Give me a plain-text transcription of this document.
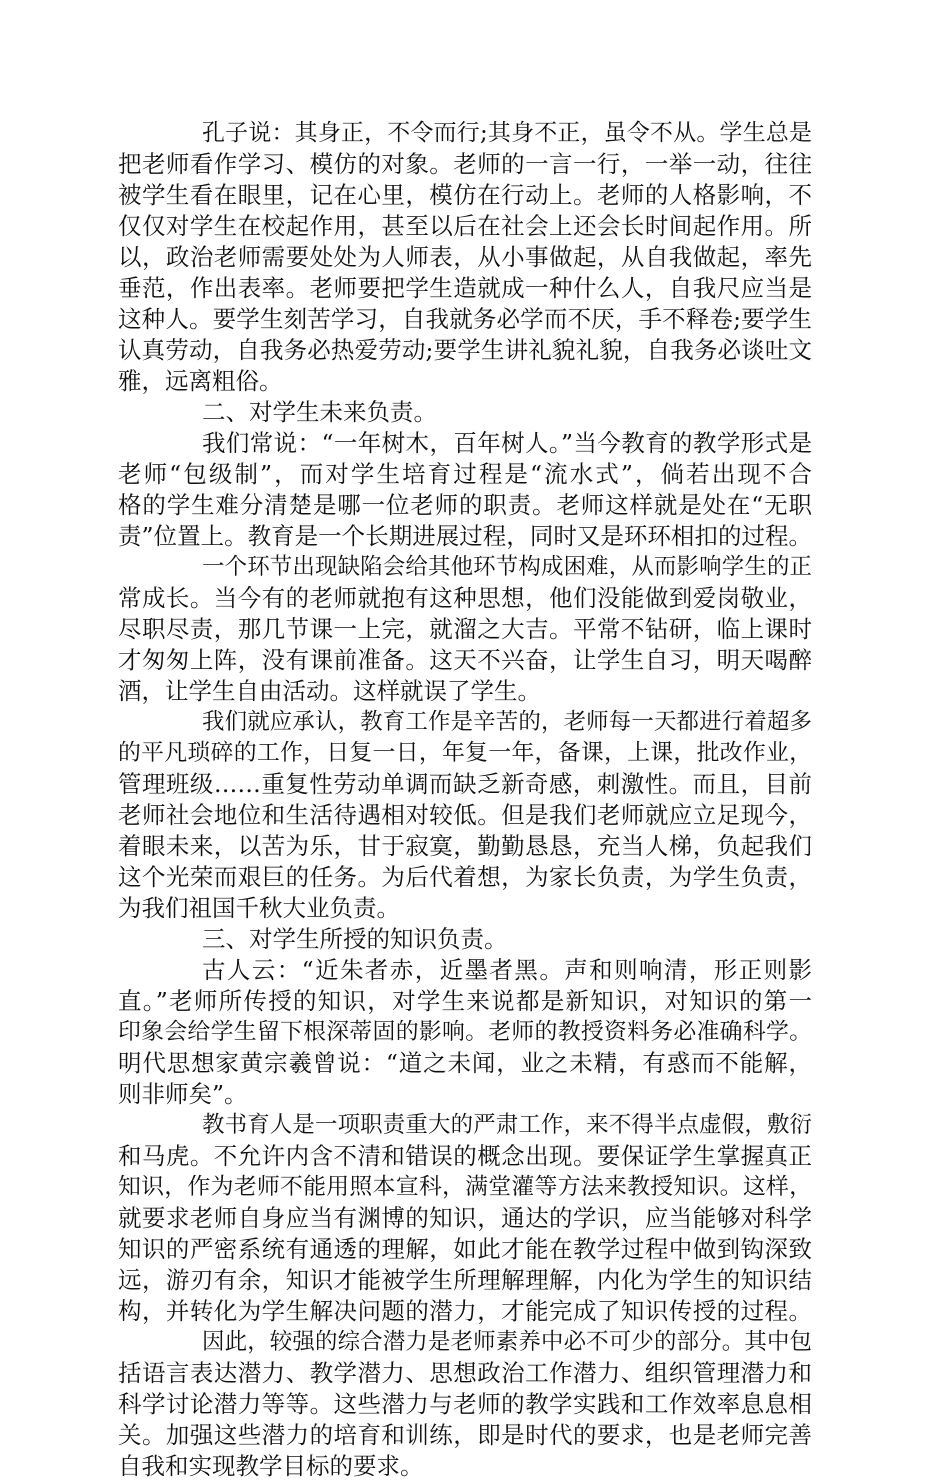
孔子说：其身正，不令而行;其身不正，虽令不从。学生总是
把老师看作学习、模仿的对象。老师的一言一行，一举一动，往往
被学生看在眼里，记在心里，模仿在行动上。老师的人格影响，不
仅仅对学生在校起作用，甚至以后在社会上还会长时间起作用。所
以，政治老师需要处处为人师表，从小事做起，从自我做起，率先
垂范，作出表率。老师要把学生造就成一种什么人，自我尺应当是
这种人。要学生刻苦学习，自我就务必学而不厌，手不释卷;要学生
认真劳动，自我务必热爱劳动;要学生讲礼貌礼貌，自我务必谈吐文
雅，远离粗俗。
二、对学生未来负责。
我们常说：“一年树木，百年树人。”当今教育的教学形式是
老师“包级制”，而对学生培育过程是“流水式”，倘若出现不合
格的学生难分清楚是哪一位老师的职责。老师这样就是处在“无职
责”位置上。教育是一个长期进展过程，同时又是环环相扣的过程。
一个环节出现缺陷会给其他环节构成困难，从而影响学生的正
常成长。当今有的老师就抱有这种思想，他们没能做到爱岗敬业，
尽职尽责，那几节课一上完，就溜之大吉。平常不钻研，临上课时
才匆匆上阵，没有课前准备。这天不兴奋，让学生自习，明天喝醉
酒，让学生自由活动。这样就误了学生。
我们就应承认，教育工作是辛苦的，老师每一天都进行着超多
的平凡琐碎的工作，日复一日，年复一年，备课，上课，批改作业，
管理班级……重复性劳动单调而缺乏新奇感，刺激性。而且，目前
老师社会地位和生活待遇相对较低。但是我们老师就应立足现今，
着眼未来，以苦为乐，甘于寂寞，勤勤恳恳，充当人梯，负起我们
这个光荣而艰巨的任务。为后代着想，为家长负责，为学生负责，
为我们祖国千秋大业负责。
三、对学生所授的知识负责。
古人云：“近朱者赤，近墨者黑。声和则响清，形正则影
直。”老师所传授的知识，对学生来说都是新知识，对知识的第一
印象会给学生留下根深蒂固的影响。老师的教授资料务必准确科学。
明代思想家黄宗羲曾说：“道之未闻，业之未精，有惑而不能解，
则非师矣”。
教书育人是一项职责重大的严肃工作，来不得半点虚假，敷衍
和马虎。不允许内含不清和错误的概念出现。要保证学生掌握真正
知识，作为老师不能用照本宣科，满堂灌等方法来教授知识。这样，
就要求老师自身应当有渊博的知识，通达的学识，应当能够对科学
知识的严密系统有通透的理解，如此才能在教学过程中做到钩深致
远，游刃有余，知识才能被学生所理解理解，内化为学生的知识结
构，并转化为学生解决问题的潜力，才能完成了知识传授的过程。
因此，较强的综合潜力是老师素养中必不可少的部分。其中包
括语言表达潜力、教学潜力、思想政治工作潜力、组织管理潜力和
科学讨论潜力等等。这些潜力与老师的教学实践和工作效率息息相
关。加强这些潜力的培育和训练，即是时代的要求，也是老师完善
自我和实现教学目标的要求。
